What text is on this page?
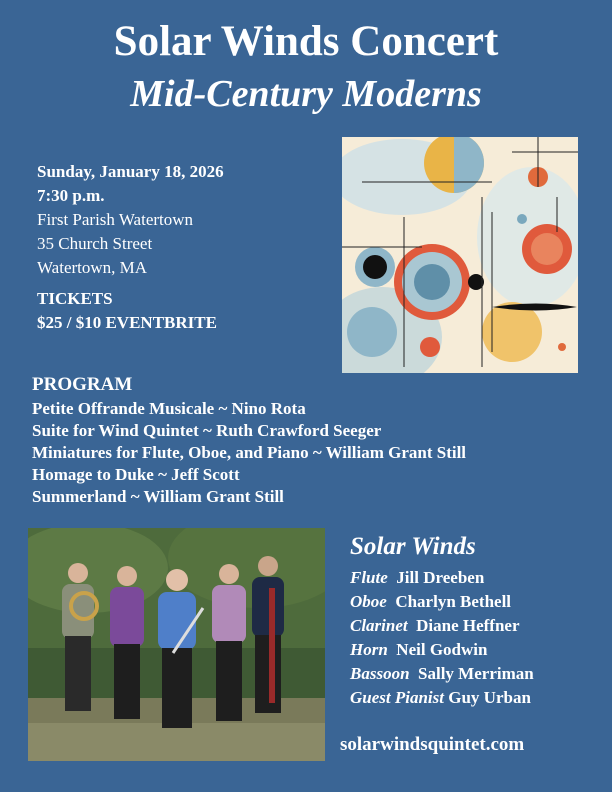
Solar Winds Concert
Mid-Century Moderns
Sunday, January 18, 2026
7:30 p.m.
First Parish Watertown
35 Church Street
Watertown, MA
TICKETS
$25 / $10 EVENTBRITE
PROGRAM
Petite Offrande Musicale ~ Nino Rota
Suite for Wind Quintet ~ Ruth Crawford Seeger
Miniatures for Flute, Oboe, and Piano ~ William Grant Still
Homage to Duke ~ Jeff Scott
Summerland ~ William Grant Still
Solar Winds
Flute Jill Dreeben
Oboe Charlyn Bethell
Clarinet Diane Heffner
Horn Neil Godwin
Bassoon Sally Merriman
Guest Pianist Guy Urban
solarwindsquintet.com
